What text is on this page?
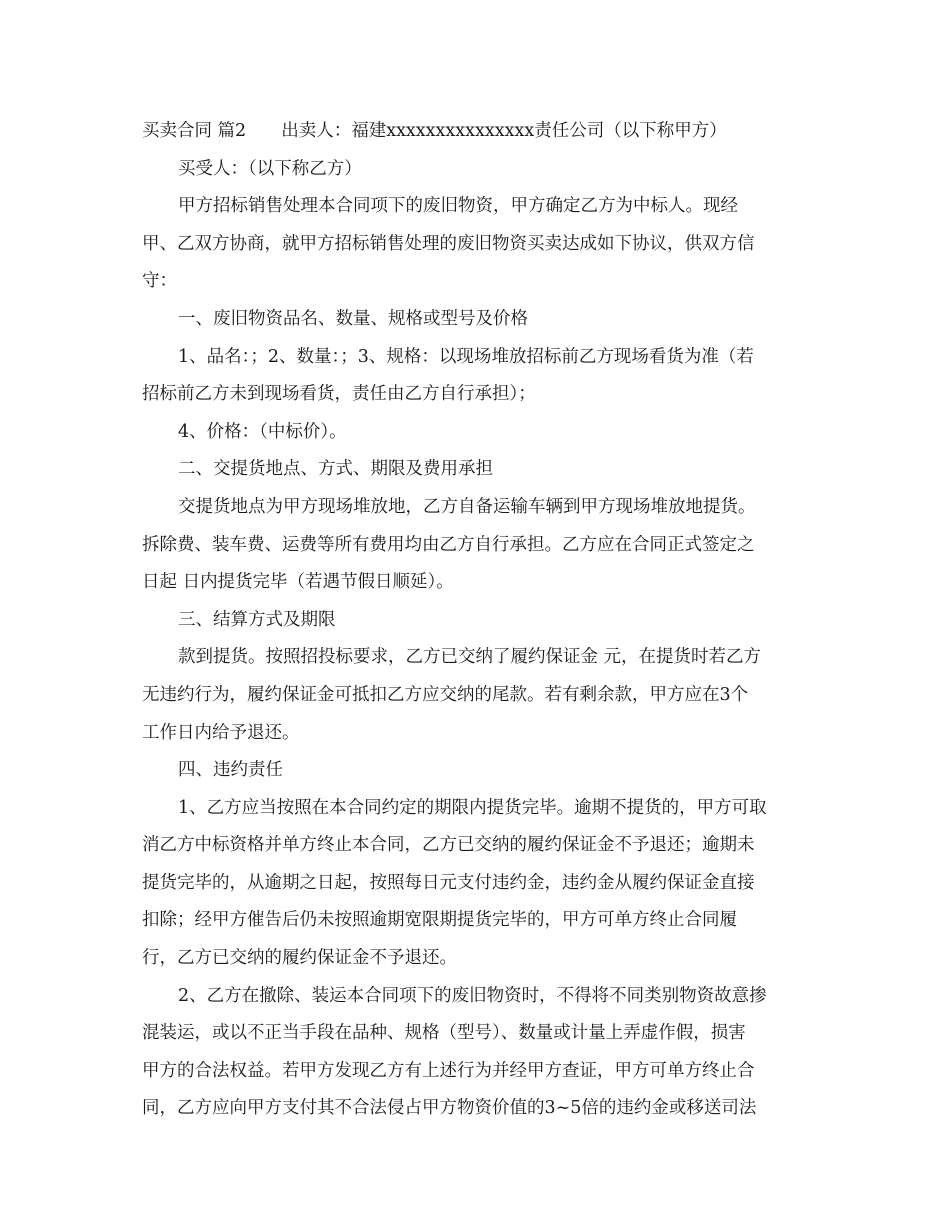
买卖合同 篇2　　出卖人：福建xxxxxxxxxxxxxxx责任公司（以下称甲方）
买受人：（以下称乙方）
甲方招标销售处理本合同项下的废旧物资，甲方确定乙方为中标人。现经
甲、乙双方协商，就甲方招标销售处理的废旧物资买卖达成如下协议，供双方信
守：
一、废旧物资品名、数量、规格或型号及价格
1、品名：；2、数量：；3、规格：以现场堆放招标前乙方现场看货为准（若
招标前乙方未到现场看货，责任由乙方自行承担）；
4、价格：（中标价）。
二、交提货地点、方式、期限及费用承担
交提货地点为甲方现场堆放地，乙方自备运输车辆到甲方现场堆放地提货。
拆除费、装车费、运费等所有费用均由乙方自行承担。乙方应在合同正式签定之
日起 日内提货完毕（若遇节假日顺延）。
三、结算方式及期限
款到提货。按照招投标要求，乙方已交纳了履约保证金 元，在提货时若乙方
无违约行为，履约保证金可抵扣乙方应交纳的尾款。若有剩余款，甲方应在3个
工作日内给予退还。
四、违约责任
1、乙方应当按照在本合同约定的期限内提货完毕。逾期不提货的，甲方可取
消乙方中标资格并单方终止本合同，乙方已交纳的履约保证金不予退还；逾期未
提货完毕的，从逾期之日起，按照每日元支付违约金，违约金从履约保证金直接
扣除；经甲方催告后仍未按照逾期宽限期提货完毕的，甲方可单方终止合同履
行，乙方已交纳的履约保证金不予退还。
2、乙方在撤除、装运本合同项下的废旧物资时，不得将不同类别物资故意掺
混装运，或以不正当手段在品种、规格（型号）、数量或计量上弄虚作假，损害
甲方的合法权益。若甲方发现乙方有上述行为并经甲方查证，甲方可单方终止合
同，乙方应向甲方支付其不合法侵占甲方物资价值的3~5倍的违约金或移送司法
